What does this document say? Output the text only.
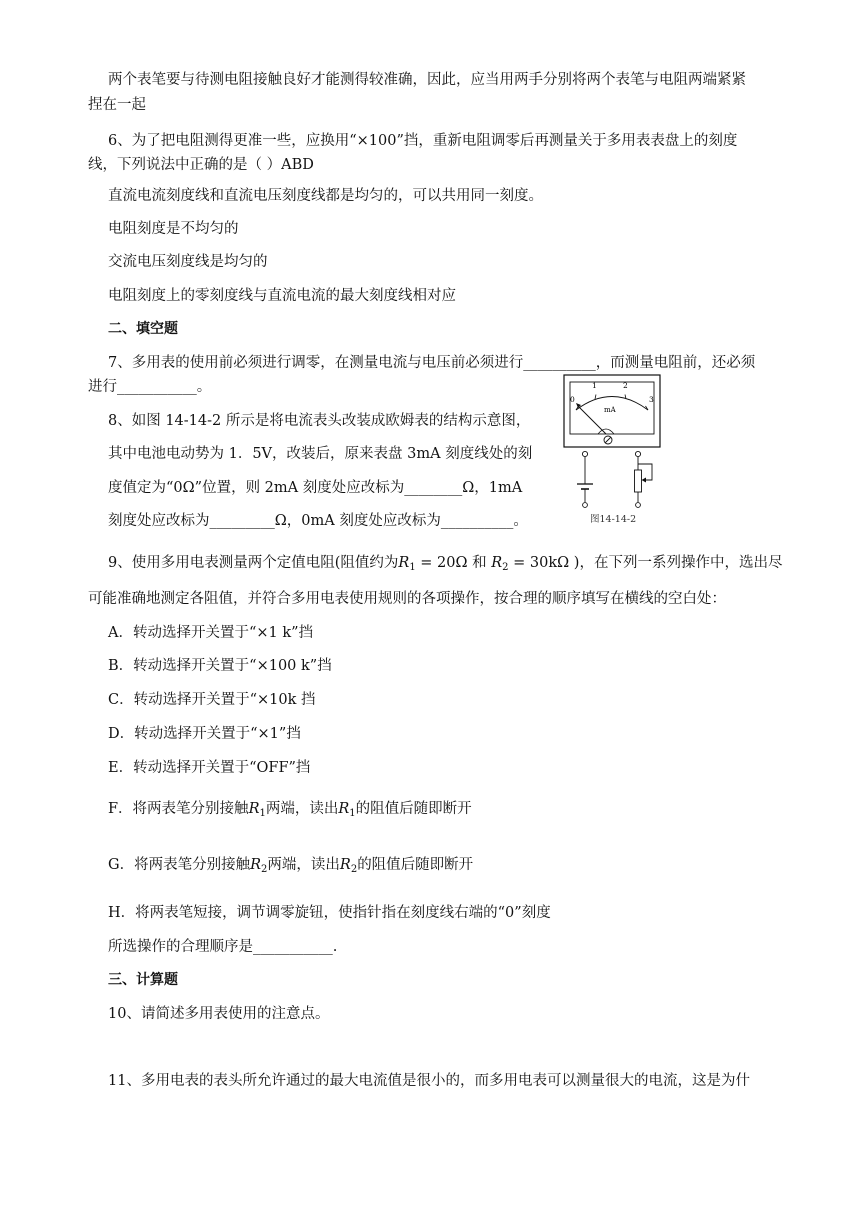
两个表笔要与待测电阻接触良好才能测得较准确，因此，应当用两手分别将两个表笔与电阻两端紧紧
捏在一起
6、为了把电阻测得更准一些，应换用“×100”挡，重新电阻调零后再测量关于多用表表盘上的刻度
线，下列说法中正确的是（ ）ABD
直流电流刻度线和直流电压刻度线都是均匀的，可以共用同一刻度。
电阻刻度是不均匀的
交流电压刻度线是均匀的
电阻刻度上的零刻度线与直流电流的最大刻度线相对应
二、填空题
7、多用表的使用前必须进行调零，在测量电流与电压前必须进行__________，而测量电阻前，还必须
进行___________。
8、如图 14-14-2 所示是将电流表头改装成欧姆表的结构示意图，
其中电池电动势为 1．5V，改装后，原来表盘 3mA 刻度线处的刻
度值定为“0Ω”位置，则 2mA 刻度处应改标为________Ω，1mA
刻度处应改标为_________Ω，0mA 刻度处应改标为__________。
0
1	2
3
mA
图14-14-2
9、使用多用电表测量两个定值电阻(阻值约为$R_1 = 20\Omega$ 和 $R_2 = 30k\Omega$ )，在下列一系列操作中，选出尽
可能准确地测定各阻值，并符合多用电表使用规则的各项操作，按合理的顺序填写在横线的空白处：
A．转动选择开关置于“×1 k”挡
B．转动选择开关置于“×100 k”挡
C．转动选择开关置于“×10k 挡
D．转动选择开关置于“×1”挡
E．转动选择开关置于“OFF”挡
F．将两表笔分别接触$R_1$两端，读出$R_1$的阻值后随即断开
G．将两表笔分别接触$R_2$两端，读出$R_2$的阻值后随即断开
H．将两表笔短接，调节调零旋钮，使指针指在刻度线右端的“0”刻度
所选操作的合理顺序是___________.
三、计算题
10、请简述多用表使用的注意点。
11、多用电表的表头所允许通过的最大电流值是很小的，而多用电表可以测量很大的电流，这是为什
